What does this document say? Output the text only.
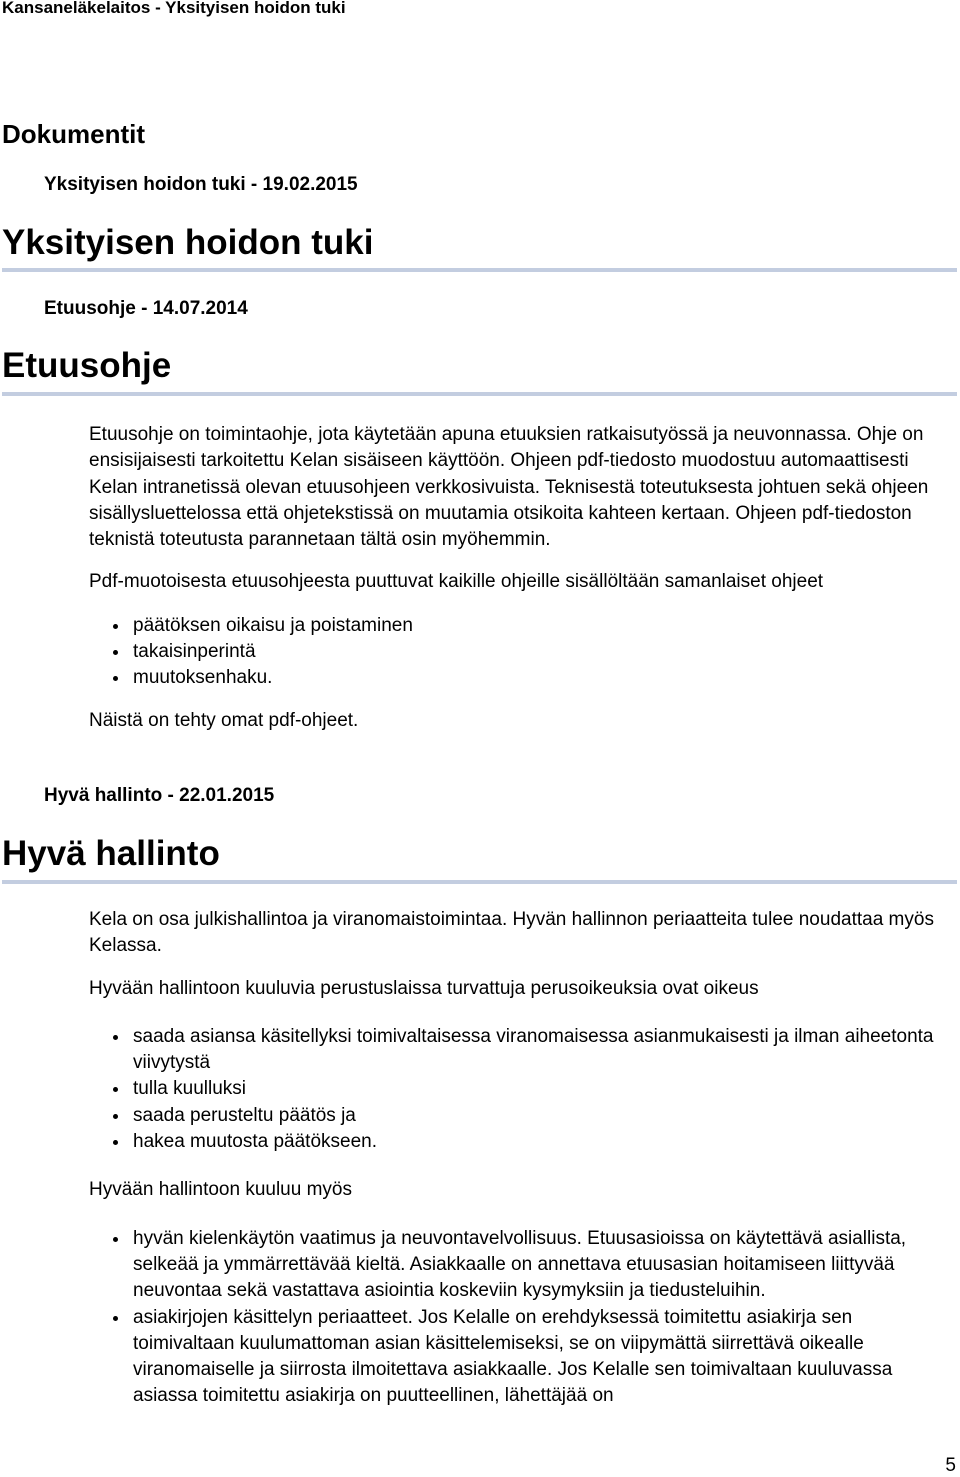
Kansaneläkelaitos - Yksityisen hoidon tuki
Dokumentit
Yksityisen hoidon tuki - 19.02.2015
Yksityisen hoidon tuki
Etuusohje - 14.07.2014
Etuusohje

Etuusohje on toimintaohje, jota käytetään apuna etuuksien ratkaisutyössä ja neuvonnassa. Ohje on ensisijaisesti tarkoitettu Kelan sisäiseen käyttöön. Ohjeen pdf-tiedosto muodostuu automaattisesti Kelan intranetissä olevan etuusohjeen verkkosivuista. Teknisestä toteutuksesta johtuen sekä ohjeen sisällysluettelossa että ohjetekstissä on muutamia otsikoita kahteen kertaan. Ohjeen pdf-tiedoston teknistä toteutusta parannetaan tältä osin myöhemmin.

Pdf-muotoisesta etuusohjeesta puuttuvat kaikille ohjeille sisällöltään samanlaiset ohjeet

päätöksen oikaisu ja poistaminen
takaisinperintä
muutoksenhaku.

Näistä on tehty omat pdf-ohjeet.

Hyvä hallinto - 22.01.2015
Hyvä hallinto

Kela on osa julkishallintoa ja viranomaistoimintaa. Hyvän hallinnon periaatteita tulee noudattaa myös Kelassa.

Hyvään hallintoon kuuluvia perustuslaissa turvattuja perusoikeuksia ovat oikeus

saada asiansa käsitellyksi toimivaltaisessa viranomaisessa asianmukaisesti ja ilman aiheetonta viivytystä
tulla kuulluksi
saada perusteltu päätös ja
hakea muutosta päätökseen.

Hyvään hallintoon kuuluu myös

hyvän kielenkäytön vaatimus ja neuvontavelvollisuus. Etuusasioissa on käytettävä asiallista, selkeää ja ymmärrettävää kieltä. Asiakkaalle on annettava etuusasian hoitamiseen liittyvää neuvontaa sekä vastattava asiointia koskeviin kysymyksiin ja tiedusteluihin.
asiakirjojen käsittelyn periaatteet. Jos Kelalle on erehdyksessä toimitettu asiakirja sen toimivaltaan kuulumattoman asian käsittelemiseksi, se on viipymättä siirrettävä oikealle viranomaiselle ja siirrosta ilmoitettava asiakkaalle. Jos Kelalle sen toimivaltaan kuuluvassa asiassa toimitettu asiakirja on puutteellinen, lähettäjää on
5
